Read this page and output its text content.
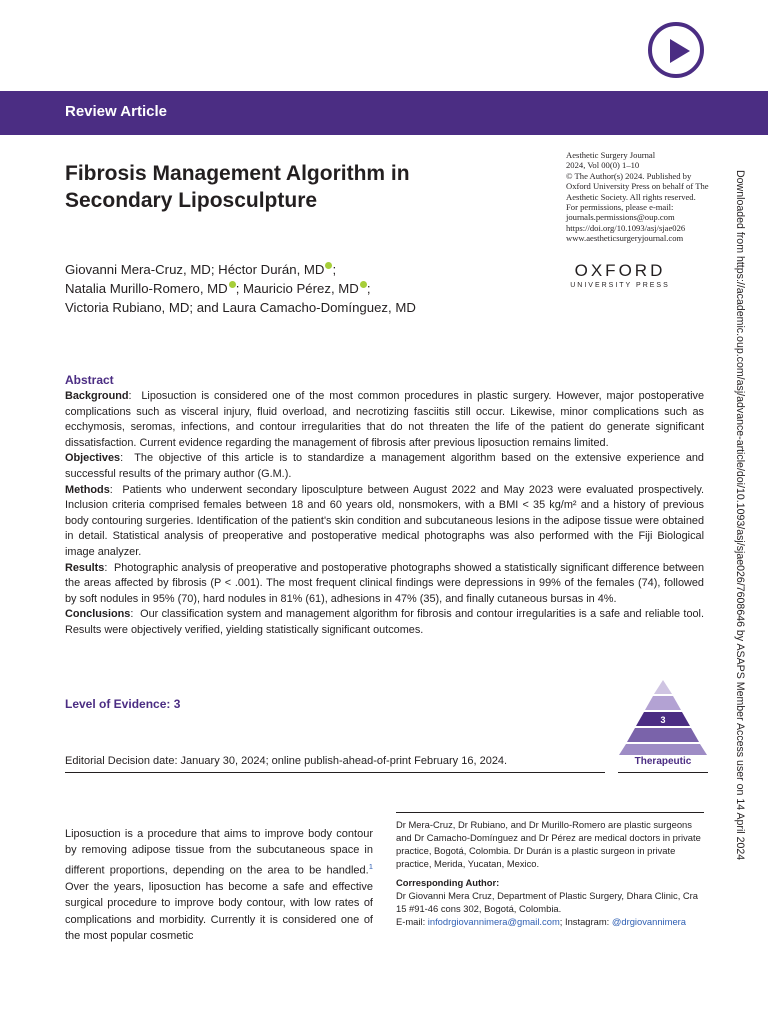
Review Article
Fibrosis Management Algorithm in Secondary Liposculpture
Giovanni Mera-Cruz, MD; Héctor Durán, MD ;
Natalia Murillo-Romero, MD ; Mauricio Pérez, MD ;
Victoria Rubiano, MD; and Laura Camacho-Domínguez, MD
Aesthetic Surgery Journal
2024, Vol 00(0) 1–10
© The Author(s) 2024. Published by
Oxford University Press on behalf of The
Aesthetic Society. All rights reserved.
For permissions, please e-mail:
journals.permissions@oup.com
https://doi.org/10.1093/asj/sjae026
www.aestheticsurgeryjournal.com
OXFORD
UNIVERSITY PRESS	Downloaded from https://academic.oup.com/asj/advance-article/doi/10.1093/asj/sjae026/7608646 by ASAPS Member Access user on 14 April 2024
Abstract

Background:  Liposuction is considered one of the most common procedures in plastic surgery. However, major postoperative complications such as visceral injury, fluid overload, and necrotizing fasciitis still occur. Likewise, minor complications such as ecchymosis, seromas, infections, and contour irregularities that do not threaten the life of the patient do generate significant dissatisfaction. Current evidence regarding the management of fibrosis after previous liposuction remains limited.

Objectives:  The objective of this article is to standardize a management algorithm based on the extensive experience and successful results of the primary author (G.M.).

Methods:  Patients who underwent secondary liposculpture between August 2022 and May 2023 were evaluated prospectively. Inclusion criteria comprised females between 18 and 60 years old, nonsmokers, with a BMI < 35 kg/m² and a history of previous body contouring surgeries. Identification of the patient's skin condition and subcutaneous lesions in the adipose tissue were obtained in detail. Statistical analysis of preoperative and postoperative medical photographs was also performed with the Fiji Biological image analyzer.

Results:  Photographic analysis of preoperative and postoperative photographs showed a statistically significant difference between the areas affected by fibrosis (P < .001). The most frequent clinical findings were depressions in 99% of the females (74), followed by soft nodules in 95% (70), hard nodules in 81% (61), adhesions in 47% (35), and finally cutaneous bursas in 4%.

Conclusions:  Our classification system and management algorithm for fibrosis and contour irregularities is a safe and reliable tool. Results were objectively verified, yielding statistically significant outcomes.

Level of Evidence: 3
3
Therapeutic
Editorial Decision date: January 30, 2024; online publish-ahead-of-print February 16, 2024.
Liposuction is a procedure that aims to improve body contour by removing adipose tissue from the subcutaneous space in different proportions, depending on the area to be handled.$^1$ Over the years, liposuction has become a safe and effective surgical procedure to improve body contour, with low rates of complications and morbidity. Currently it is considered one of the most popular cosmetic

Dr Mera-Cruz, Dr Rubiano, and Dr Murillo-Romero are plastic surgeons and Dr Camacho-Domínguez and Dr Pérez are medical doctors in private practice, Bogotá, Colombia. Dr Durán is a plastic surgeon in private practice, Merida, Yucatan, Mexico.

Corresponding Author:
Dr Giovanni Mera Cruz, Department of Plastic Surgery, Dhara Clinic, Cra 15 #91-46 cons 302, Bogotá, Colombia.
E-mail: infodrgiovannimera@gmail.com; Instagram: @drgiovannimera
